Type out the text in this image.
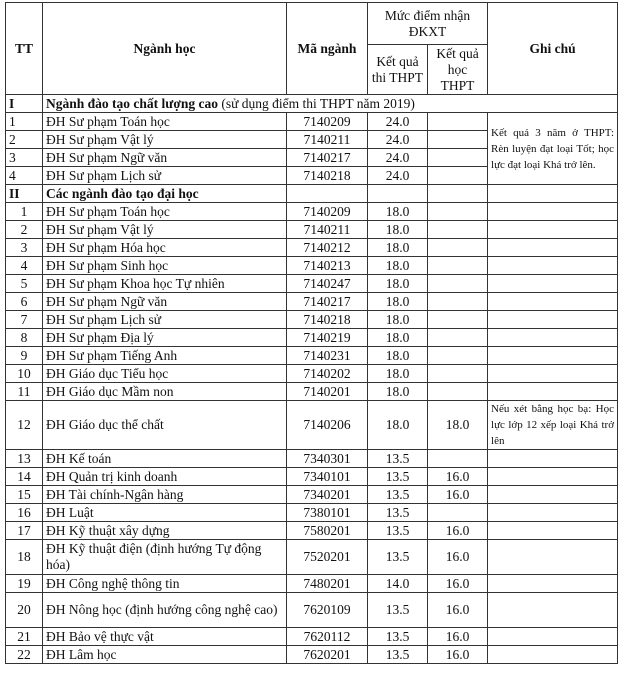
TT	Ngành học	Mã ngành	Mức điểm nhận ĐKXT		Ghi chú
			Kết quả thi THPT	Kết quả học THPT	
I	Ngành đào tạo chất lượng cao (sử dụng điểm thi THPT năm 2019)				
1	ĐH Sư phạm Toán học	7140209	24.0		Kết quả 3 năm ở THPT: Rèn luyện đạt loại Tốt; học lực đạt loại Khá trở lên.
2	ĐH Sư phạm Vật lý	7140211	24.0		
3	ĐH Sư phạm Ngữ văn	7140217	24.0		
4	ĐH Sư phạm Lịch sử	7140218	24.0		
II	Các ngành đào tạo đại học				
1	ĐH Sư phạm Toán học	7140209	18.0		
2	ĐH Sư phạm Vật lý	7140211	18.0		
3	ĐH Sư phạm Hóa học	7140212	18.0		
4	ĐH Sư phạm Sinh học	7140213	18.0		
5	ĐH Sư phạm Khoa học Tự nhiên	7140247	18.0		
6	ĐH Sư phạm Ngữ văn	7140217	18.0		
7	ĐH Sư phạm Lịch sử	7140218	18.0		
8	ĐH Sư phạm Địa lý	7140219	18.0		
9	ĐH Sư phạm Tiếng Anh	7140231	18.0		
10	ĐH Giáo dục Tiểu học	7140202	18.0		
11	ĐH Giáo dục Mầm non	7140201	18.0		
12	ĐH Giáo dục thể chất	7140206	18.0	18.0	Nếu xét bằng học bạ: Học lực lớp 12 xếp loại Khá trở lên
13	ĐH Kế toán	7340301	13.5		
14	ĐH Quản trị kinh doanh	7340101	13.5	16.0	
15	ĐH Tài chính-Ngân hàng	7340201	13.5	16.0	
16	ĐH Luật	7380101	13.5		
17	ĐH Kỹ thuật xây dựng	7580201	13.5	16.0	
18	ĐH Kỹ thuật điện (định hướng Tự động hóa)	7520201	13.5	16.0	
19	ĐH Công nghệ thông tin	7480201	14.0	16.0	
20	ĐH Nông học (định hướng công nghệ cao)	7620109	13.5	16.0	
21	ĐH Bảo vệ thực vật	7620112	13.5	16.0	
22	ĐH Lâm học	7620201	13.5	16.0	
